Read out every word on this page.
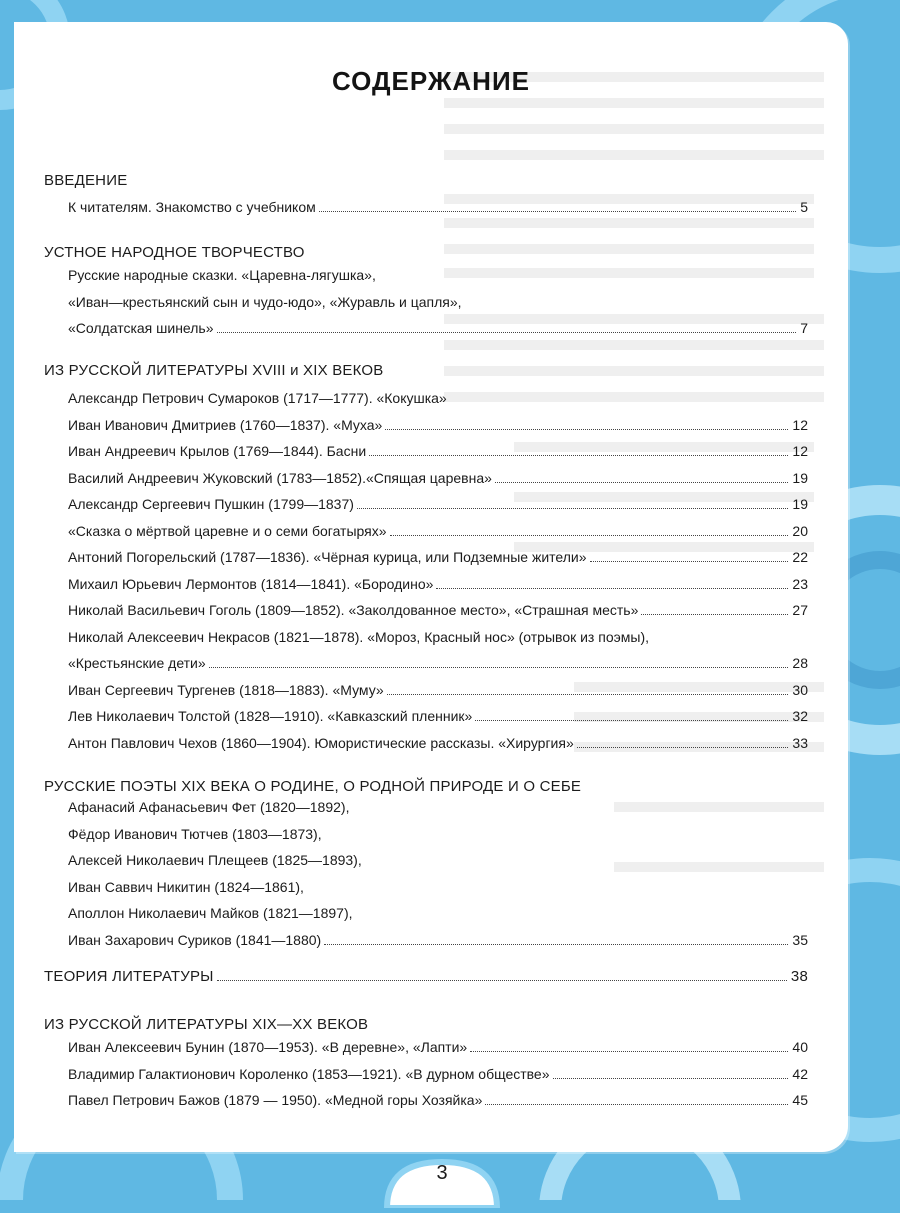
СОДЕРЖАНИЕ
ВВЕДЕНИЕ
К читателям. Знакомство с учебником	5
УСТНОЕ НАРОДНОЕ ТВОРЧЕСТВО
Русские народные сказки. «Царевна-лягушка»,
«Иван—крестьянский сын и чудо-юдо», «Журавль и цапля»,
«Солдатская шинель»	7
ИЗ РУССКОЙ ЛИТЕРАТУРЫ XVIII и XIX ВЕКОВ
Александр Петрович Сумароков (1717—1777). «Кокушка»
Иван Иванович Дмитриев (1760—1837). «Муха»	12
Иван Андреевич Крылов (1769—1844). Басни	12
Василий Андреевич Жуковский (1783—1852).«Спящая царевна»	19
Александр Сергеевич Пушкин (1799—1837)	19
«Сказка о мёртвой царевне и о семи богатырях»	20
Антоний Погорельский (1787—1836). «Чёрная курица, или Подземные жители»	22
Михаил Юрьевич Лермонтов (1814—1841). «Бородино»	23
Николай Васильевич Гоголь (1809—1852). «Заколдованное место», «Страшная месть»	27
Николай Алексеевич Некрасов (1821—1878). «Мороз, Красный нос» (отрывок из поэмы),
«Крестьянские дети»	28
Иван Сергеевич Тургенев (1818—1883). «Муму»	30
Лев Николаевич Толстой (1828—1910). «Кавказский пленник»	32
Антон Павлович Чехов (1860—1904). Юмористические рассказы. «Хирургия»	33
РУССКИЕ ПОЭТЫ XIX ВЕКА О РОДИНЕ, О РОДНОЙ ПРИРОДЕ И О СЕБЕ
Афанасий Афанасьевич Фет (1820—1892),
Фёдор Иванович Тютчев (1803—1873),
Алексей Николаевич Плещеев (1825—1893),
Иван Саввич Никитин (1824—1861),
Аполлон Николаевич Майков (1821—1897),
Иван Захарович Суриков (1841—1880)	35
ТЕОРИЯ ЛИТЕРАТУРЫ	38
ИЗ РУССКОЙ ЛИТЕРАТУРЫ XIX—XX ВЕКОВ
Иван Алексеевич Бунин (1870—1953). «В деревне», «Лапти»	40
Владимир Галактионович Короленко (1853—1921). «В дурном обществе»	42
Павел Петрович Бажов (1879 — 1950). «Медной горы Хозяйка»	45
3
